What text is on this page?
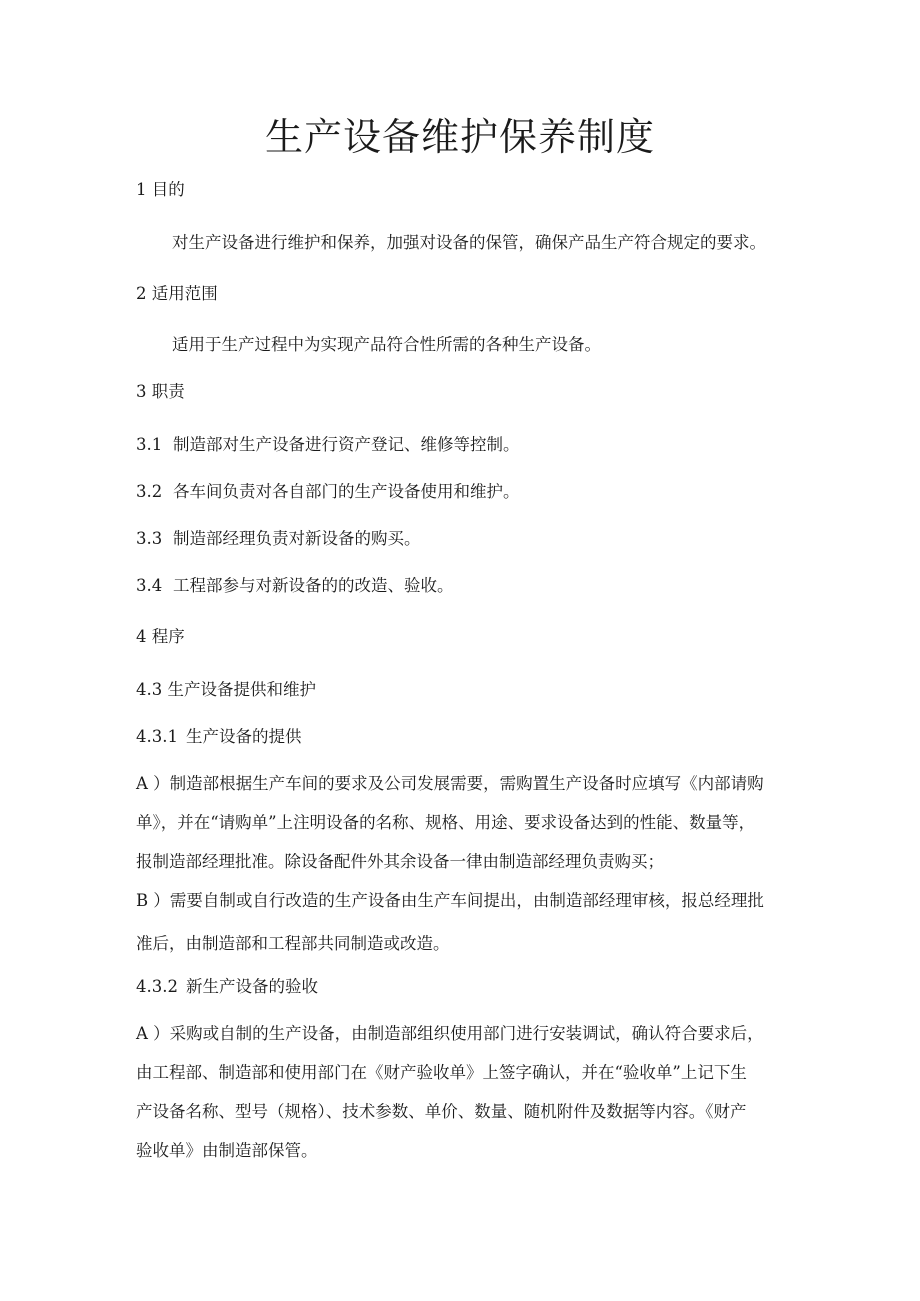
生产设备维护保养制度

1 目的

对生产设备进行维护和保养，加强对设备的保管，确保产品生产符合规定的要求。

2 适用范围

适用于生产过程中为实现产品符合性所需的各种生产设备。

3 职责

3.1 制造部对生产设备进行资产登记、维修等控制。

3.2 各车间负责对各自部门的生产设备使用和维护。

3.3 制造部经理负责对新设备的购买。

3.4 工程部参与对新设备的的改造、验收。

4 程序

4.3 生产设备提供和维护

4.3.1 生产设备的提供

A ）制造部根据生产车间的要求及公司发展需要，需购置生产设备时应填写《内部请购

单》，并在“请购单”上注明设备的名称、规格、用途、要求设备达到的性能、数量等，

报制造部经理批准。除设备配件外其余设备一律由制造部经理负责购买；

B ）需要自制或自行改造的生产设备由生产车间提出，由制造部经理审核，报总经理批

准后，由制造部和工程部共同制造或改造。

4.3.2 新生产设备的验收

A ）采购或自制的生产设备，由制造部组织使用部门进行安装调试，确认符合要求后，

由工程部、制造部和使用部门在《财产验收单》上签字确认，并在“验收单”上记下生

产设备名称、型号（规格）、技术参数、单价、数量、随机附件及数据等内容。《财产

验收单》由制造部保管。
